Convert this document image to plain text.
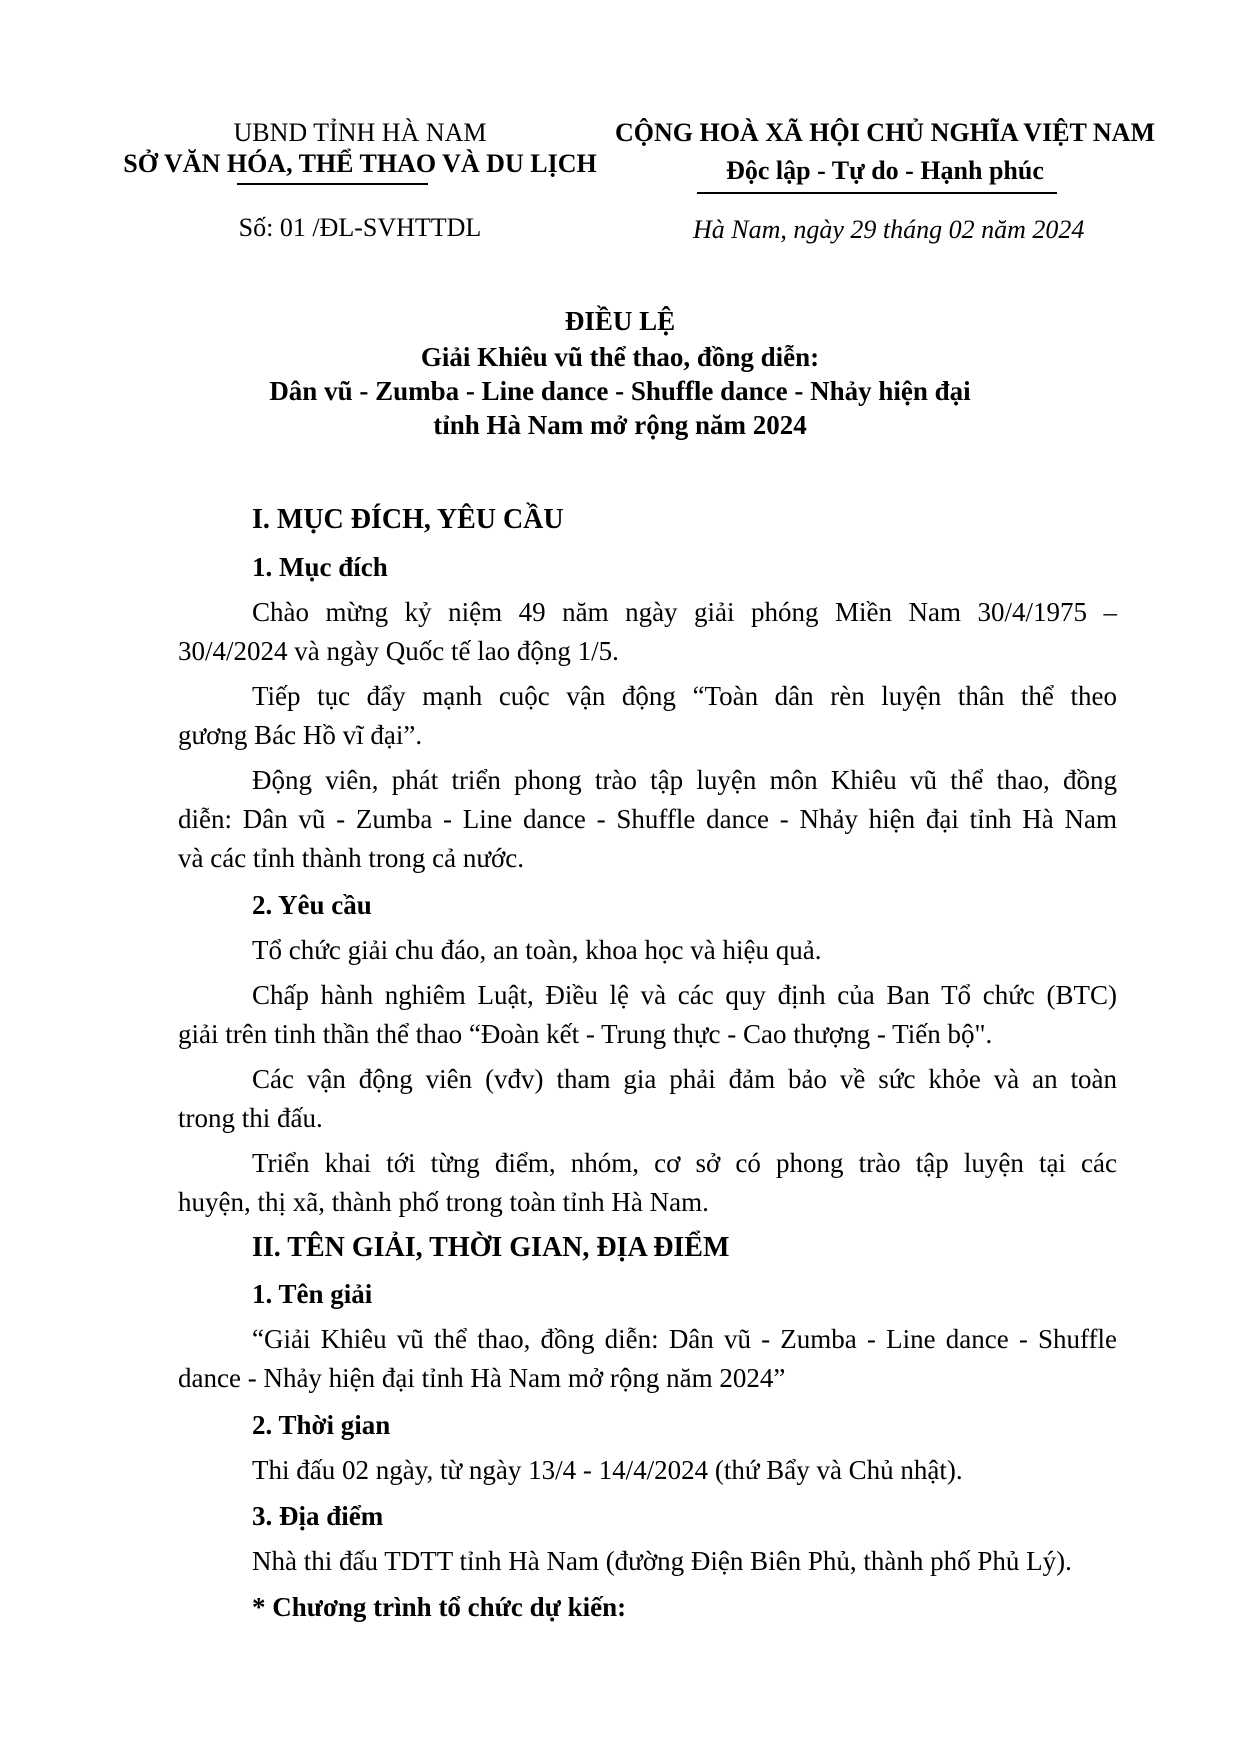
UBND TỈNH HÀ NAM
SỞ VĂN HÓA, THỂ THAO VÀ DU LỊCH
CỘNG HOÀ XÃ HỘI CHỦ NGHĨA VIỆT NAM
Độc lập - Tự do - Hạnh phúc
Số: 01 /ĐL-SVHTTDL	Hà Nam, ngày 29 tháng 02 năm 2024
ĐIỀU LỆ
Giải Khiêu vũ thể thao, đồng diễn:
Dân vũ - Zumba - Line dance - Shuffle dance - Nhảy hiện đại
tỉnh Hà Nam mở rộng năm 2024
I. MỤC ĐÍCH, YÊU CẦU
1. Mục đích
Chào mừng kỷ niệm 49 năm ngày giải phóng Miền Nam 30/4/1975 –
30/4/2024 và ngày Quốc tế lao động 1/5.
Tiếp tục đẩy mạnh cuộc vận động “Toàn dân rèn luyện thân thể theo
gương Bác Hồ vĩ đại”.
Động viên, phát triển phong trào tập luyện môn Khiêu vũ thể thao, đồng
diễn: Dân vũ - Zumba - Line dance - Shuffle dance - Nhảy hiện đại tỉnh Hà Nam
và các tỉnh thành trong cả nước.
2. Yêu cầu
Tổ chức giải chu đáo, an toàn, khoa học và hiệu quả.
Chấp hành nghiêm Luật, Điều lệ và các quy định của Ban Tổ chức (BTC)
giải trên tinh thần thể thao “Đoàn kết - Trung thực - Cao thượng - Tiến bộ".
Các vận động viên (vđv) tham gia phải đảm bảo về sức khỏe và an toàn
trong thi đấu.
Triển khai tới từng điểm, nhóm, cơ sở có phong trào tập luyện tại các
huyện, thị xã, thành phố trong toàn tỉnh Hà Nam.
II. TÊN GIẢI, THỜI GIAN, ĐỊA ĐIỂM
1. Tên giải
“Giải Khiêu vũ thể thao, đồng diễn: Dân vũ - Zumba - Line dance - Shuffle
dance - Nhảy hiện đại tỉnh Hà Nam mở rộng năm 2024”
2. Thời gian
Thi đấu 02 ngày, từ ngày 13/4 - 14/4/2024 (thứ Bẩy và Chủ nhật).
3. Địa điểm
Nhà thi đấu TDTT tỉnh Hà Nam (đường Điện Biên Phủ, thành phố Phủ Lý).
* Chương trình tổ chức dự kiến:
